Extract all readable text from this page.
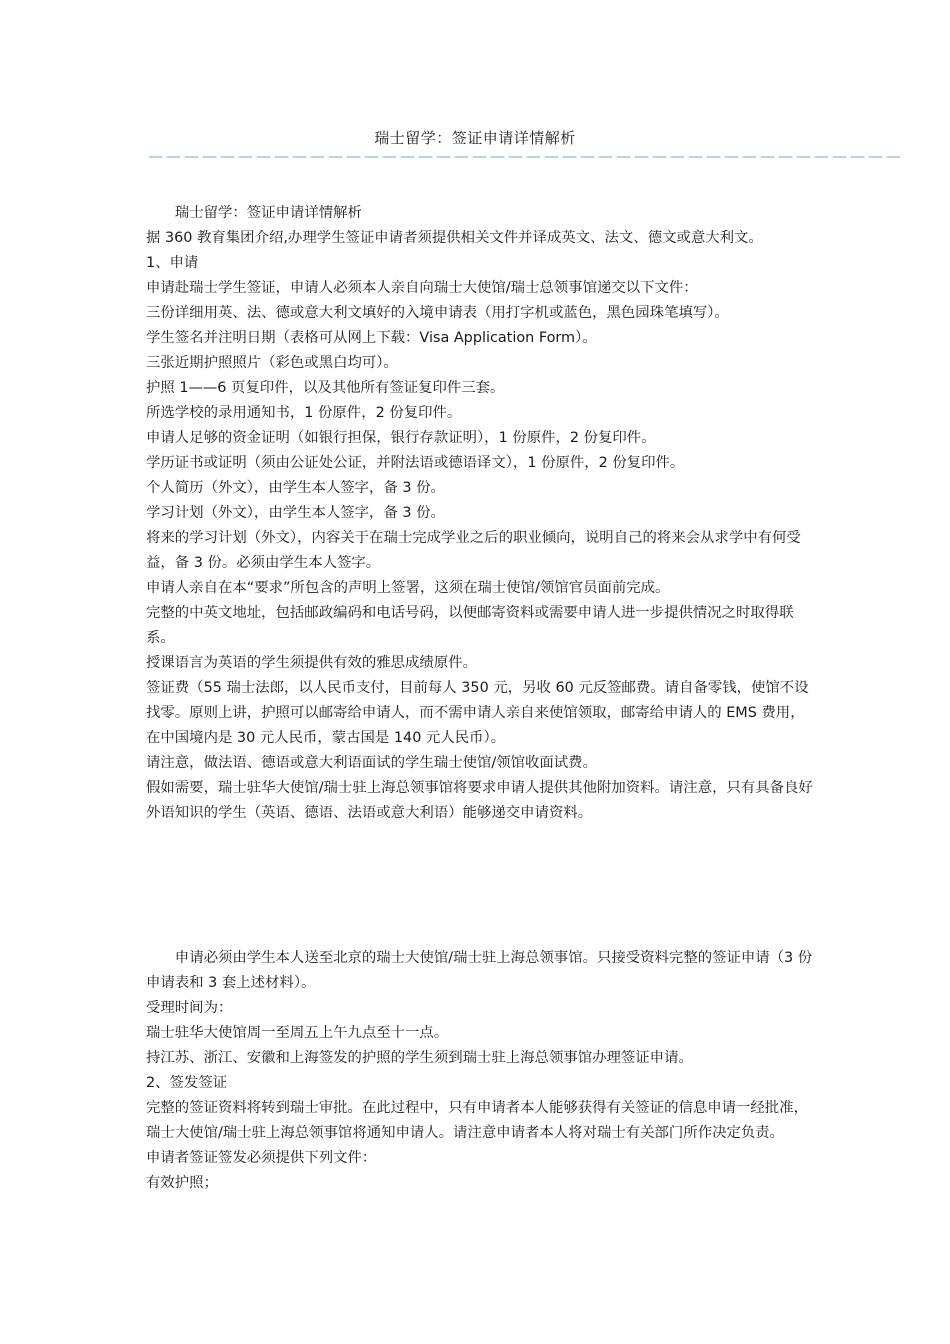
瑞士留学：签证申请详情解析
——————————————————————————————————————————

瑞士留学：签证申请详情解析

据 360 教育集团介绍,办理学生签证申请者须提供相关文件并译成英文、法文、德文或意大利文。

1、申请

申请赴瑞士学生签证，申请人必须本人亲自向瑞士大使馆/瑞士总领事馆递交以下文件：

三份详细用英、法、德或意大利文填好的入境申请表（用打字机或蓝色，黑色园珠笔填写）。

学生签名并注明日期（表格可从网上下载：Visa Application Form）。

三张近期护照照片（彩色或黑白均可）。

护照 1——6 页复印件，以及其他所有签证复印件三套。

所选学校的录用通知书，1 份原件，2 份复印件。

申请人足够的资金证明（如银行担保，银行存款证明），1 份原件，2 份复印件。

学历证书或证明（须由公证处公证，并附法语或德语译文），1 份原件，2 份复印件。

个人简历（外文），由学生本人签字，备 3 份。

学习计划（外文），由学生本人签字，备 3 份。

将来的学习计划（外文），内容关于在瑞士完成学业之后的职业倾向，说明自己的将来会从求学中有何受益，备 3 份。必须由学生本人签字。

申请人亲自在本“要求”所包含的声明上签署，这须在瑞士使馆/领馆官员面前完成。

完整的中英文地址，包括邮政编码和电话号码，以便邮寄资料或需要申请人进一步提供情况之时取得联系。

授课语言为英语的学生须提供有效的雅思成绩原件。

签证费（55 瑞士法郎，以人民币支付，目前每人 350 元，另收 60 元反签邮费。请自备零钱，使馆不设找零。原则上讲，护照可以邮寄给申请人，而不需申请人亲自来使馆领取，邮寄给申请人的 EMS 费用，在中国境内是 30 元人民币，蒙古国是 140 元人民币）。

请注意，做法语、德语或意大利语面试的学生瑞士使馆/领馆收面试费。

假如需要，瑞士驻华大使馆/瑞士驻上海总领事馆将要求申请人提供其他附加资料。请注意，只有具备良好外语知识的学生（英语、德语、法语或意大利语）能够递交申请资料。

申请必须由学生本人送至北京的瑞士大使馆/瑞士驻上海总领事馆。只接受资料完整的签证申请（3 份申请表和 3 套上述材料）。

受理时间为：

瑞士驻华大使馆周一至周五上午九点至十一点。

持江苏、浙江、安徽和上海签发的护照的学生须到瑞士驻上海总领事馆办理签证申请。

2、签发签证

完整的签证资料将转到瑞士审批。在此过程中，只有申请者本人能够获得有关签证的信息申请一经批准，瑞士大使馆/瑞士驻上海总领事馆将通知申请人。请注意申请者本人将对瑞士有关部门所作决定负责。

申请者签证签发必须提供下列文件：

有效护照；
